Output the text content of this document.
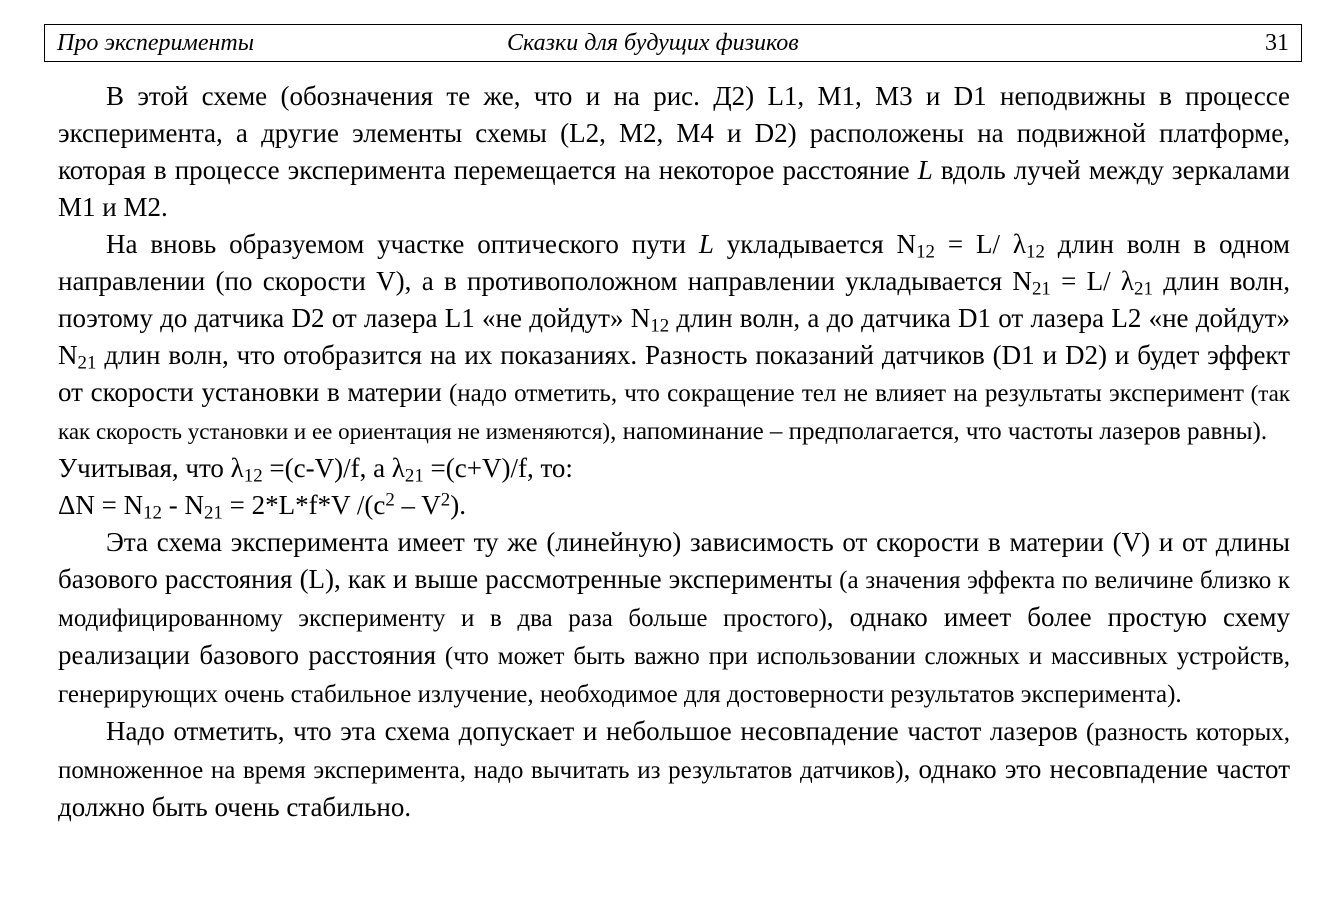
Про эксперименты	Сказки для будущих физиков	31

В этой схеме (обозначения те же, что и на рис. Д2) L1, M1, M3 и D1 неподвижны в процессе эксперимента, а другие элементы схемы (L2, M2, M4 и D2) расположены на подвижной платформе, которая в процессе эксперимента перемещается на некоторое расстояние L вдоль лучей между зеркалами M1 и M2.

На вновь образуемом участке оптического пути L укладывается $N_{12} = L/$ $\lambda_{12}$ длин волн в одном направлении (по скорости V), а в противоположном направлении укладывается $N_{21} = L/$ $\lambda_{21}$ длин волн, поэтому до датчика D2 от лазера L1 «не дойдут» $N_{12}$ длин волн, а до датчика D1 от лазера L2 «не дойдут» $N_{21}$ длин волн, что отобразится на их показаниях. Разность показаний датчиков (D1 и D2) и будет эффект от скорости установки в материи (надо отметить, что сокращение тел не влияет на результаты эксперимент (так как скорость установки и ее ориентация не изменяются), напоминание – предполагается, что частоты лазеров равны).

Учитывая, что $\lambda_{12} =(c-V)/f$, а $\lambda_{21} =(c+V)/f$, то:

$\Delta N = N_{12} - N_{21} = 2*L*f*V$ $/(c^2 - V^2)$.

Эта схема эксперимента имеет ту же (линейную) зависимость от скорости в материи (V) и от длины базового расстояния (L), как и выше рассмотренные эксперименты (а значения эффекта по величине близко к модифицированному эксперименту и в два раза больше простого), однако имеет более простую схему реализации базового расстояния (что может быть важно при использовании сложных и массивных устройств, генерирующих очень стабильное излучение, необходимое для достоверности результатов эксперимента).

Надо отметить, что эта схема допускает и небольшое несовпадение частот лазеров (разность которых, помноженное на время эксперимента, надо вычитать из результатов датчиков), однако это несовпадение частот должно быть очень стабильно.
